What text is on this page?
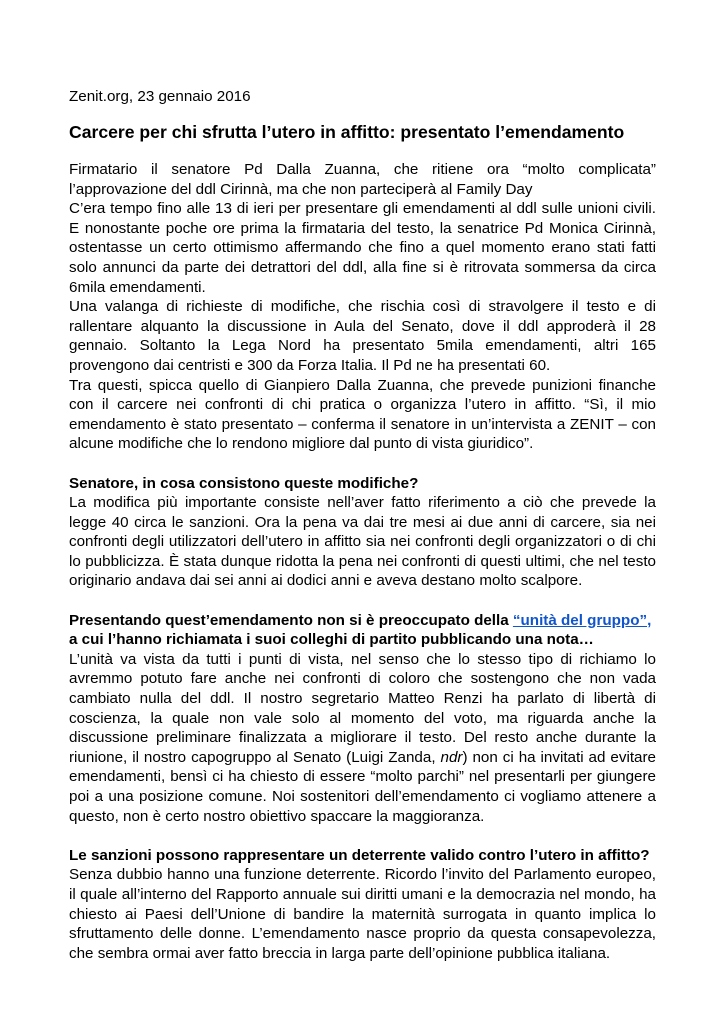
Zenit.org, 23 gennaio 2016
Carcere per chi sfrutta l’utero in affitto: presentato l’emendamento

Firmatario il senatore Pd Dalla Zuanna, che ritiene ora “molto complicata” l’approvazione del ddl Cirinnà, ma che non parteciperà al Family Day

C’era tempo fino alle 13 di ieri per presentare gli emendamenti al ddl sulle unioni civili. E nonostante poche ore prima la firmataria del testo, la senatrice Pd Monica Cirinnà, ostentasse un certo ottimismo affermando che fino a quel momento erano stati fatti solo annunci da parte dei detrattori del ddl, alla fine si è ritrovata sommersa da circa 6mila emendamenti.

Una valanga di richieste di modifiche, che rischia così di stravolgere il testo e di rallentare alquanto la discussione in Aula del Senato, dove il ddl approderà il 28 gennaio. Soltanto la Lega Nord ha presentato 5mila emendamenti, altri 165 provengono dai centristi e 300 da Forza Italia. Il Pd ne ha presentati 60.

Tra questi, spicca quello di Gianpiero Dalla Zuanna, che prevede punizioni finanche con il carcere nei confronti di chi pratica o organizza l’utero in affitto. “Sì, il mio emendamento è stato presentato – conferma il senatore in un’intervista a ZENIT – con alcune modifiche che lo rendono migliore dal punto di vista giuridico”.

Senatore, in cosa consistono queste modifiche?

La modifica più importante consiste nell’aver fatto riferimento a ciò che prevede la legge 40 circa le sanzioni. Ora la pena va dai tre mesi ai due anni di carcere, sia nei confronti degli utilizzatori dell’utero in affitto sia nei confronti degli organizzatori o di chi lo pubblicizza. È stata dunque ridotta la pena nei confronti di questi ultimi, che nel testo originario andava dai sei anni ai dodici anni e aveva destano molto scalpore.

Presentando quest’emendamento non si è preoccupato della “unità del gruppo”, a cui l’hanno richiamata i suoi colleghi di partito pubblicando una nota…

L’unità va vista da tutti i punti di vista, nel senso che lo stesso tipo di richiamo lo avremmo potuto fare anche nei confronti di coloro che sostengono che non vada cambiato nulla del ddl. Il nostro segretario Matteo Renzi ha parlato di libertà di coscienza, la quale non vale solo al momento del voto, ma riguarda anche la discussione preliminare finalizzata a migliorare il testo. Del resto anche durante la riunione, il nostro capogruppo al Senato (Luigi Zanda, ndr) non ci ha invitati ad evitare emendamenti, bensì ci ha chiesto di essere “molto parchi” nel presentarli per giungere poi a una posizione comune. Noi sostenitori dell’emendamento ci vogliamo attenere a questo, non è certo nostro obiettivo spaccare la maggioranza.

Le sanzioni possono rappresentare un deterrente valido contro l’utero in affitto?

Senza dubbio hanno una funzione deterrente. Ricordo l’invito del Parlamento europeo, il quale all’interno del Rapporto annuale sui diritti umani e la democrazia nel mondo, ha chiesto ai Paesi dell’Unione di bandire la maternità surrogata in quanto implica lo sfruttamento delle donne. L’emendamento nasce proprio da questa consapevolezza, che sembra ormai aver fatto breccia in larga parte dell’opinione pubblica italiana.
